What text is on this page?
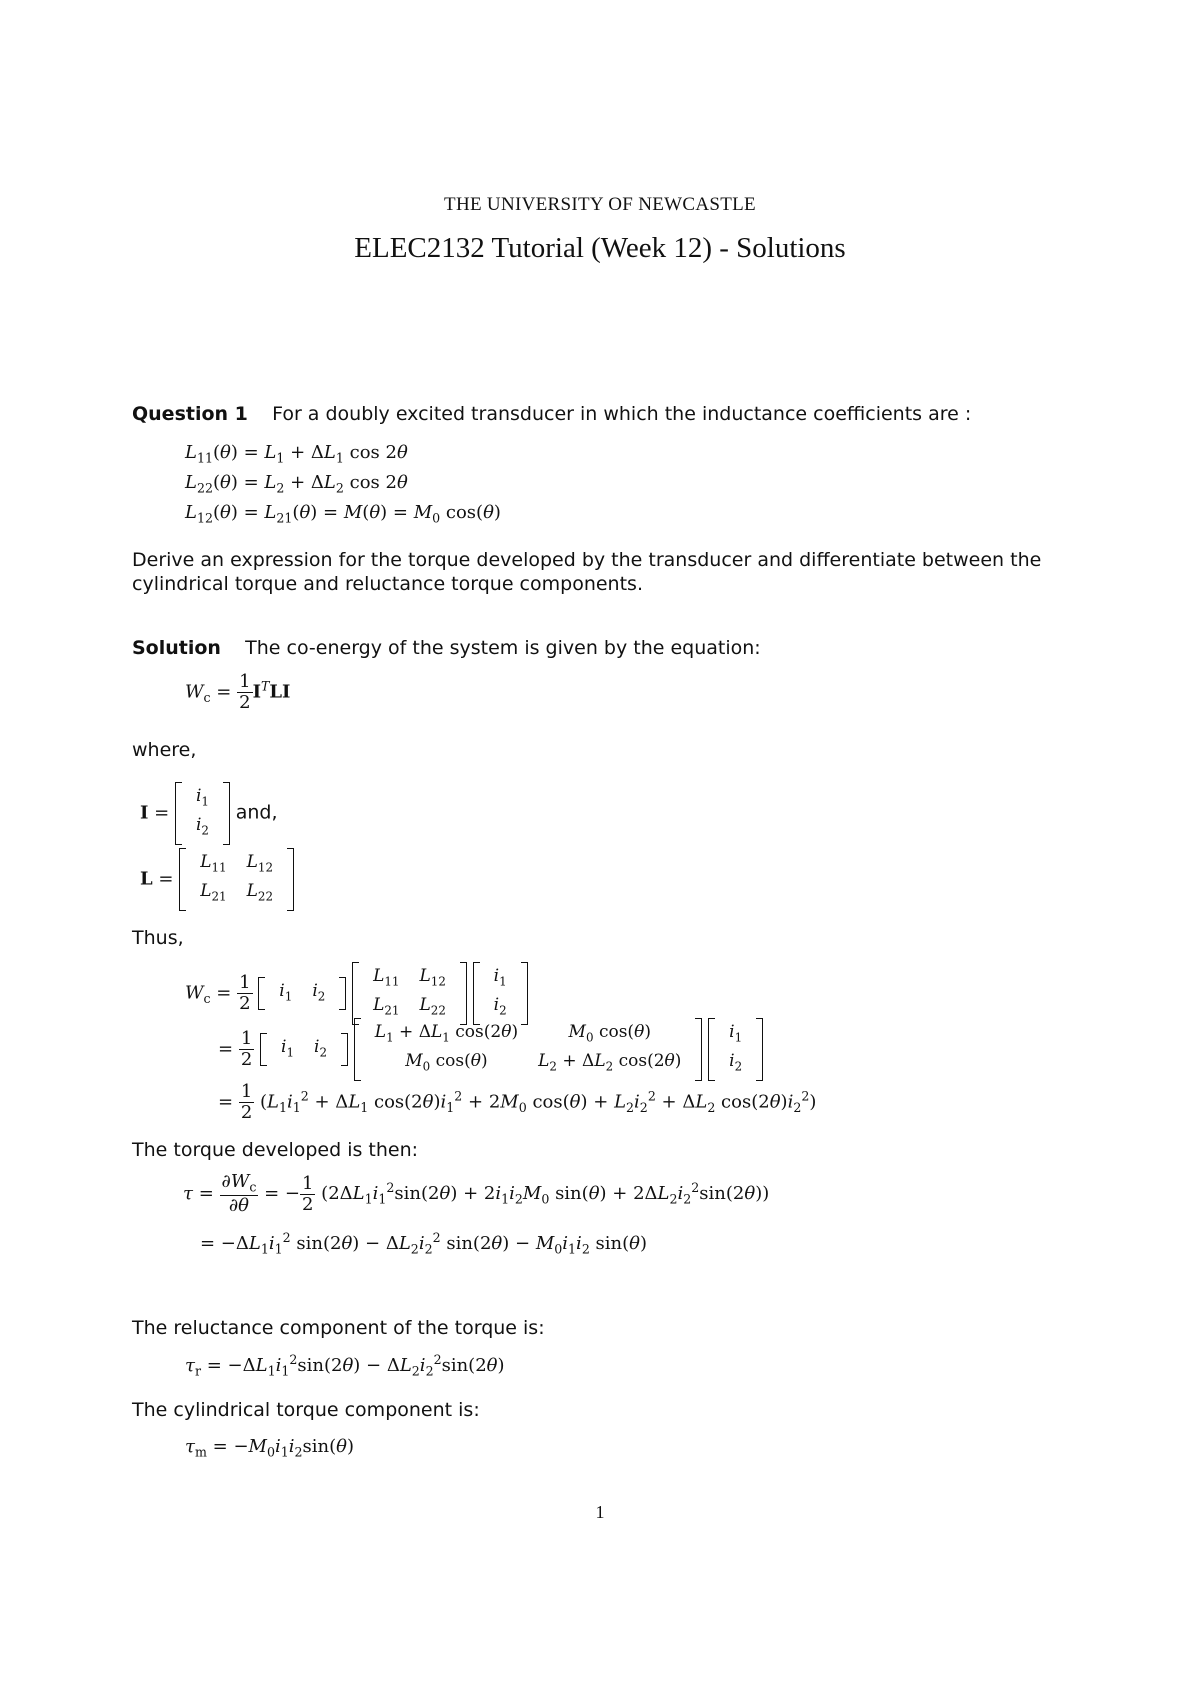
THE UNIVERSITY OF NEWCASTLE
ELEC2132 Tutorial (Week 12) - Solutions
Question 1 For a doubly excited transducer in which the inductance coefficients are :
$L_{11}(\theta) = L_1 + \Delta L_1$ cos 2θ
$L_{22}(\theta) = L_2 + \Delta L_2$ cos 2θ
$L_{12}(\theta) = L_{21}(\theta) = M(\theta) = M_0$ cos(θ)
Derive an expression for the torque developed by the transducer and differentiate between the cylindrical torque and reluctance torque components.
Solution The co-energy of the system is given by the equation:
$W_c = \frac{1}{2} I^TLI$
where,
I =
$i_1$
$i_2$
and,
L =
$L_{11}$	$L_{12}$
$L_{21}$	$L_{22}$
Thus,
$W_c = \frac{1}{2}$
$i_1$	$i_2$

$L_{11}$	$L_{12}$
$L_{21}$	$L_{22}$

$i_1$
$i_2$
= $\frac{1}{2}$
$i_1$	$i_2$

$L_1 + \Delta L_1$ cos(2θ)	$M_0$ cos(θ)
$M_0$ cos(θ)	$L_2 + \Delta L_2$ cos(2θ)

$i_1$
$i_2$
= $\frac{1}{2} (L_1i_1^2 + \Delta L_1$ $\cos(2\theta)i_1^2 + 2M_0$ $\cos(\theta) + L_2i_2^2 + \Delta L_2$ $\cos(2\theta)i_2^2$)
The torque developed is then:
$\tau = \frac{\partial W_c}{\partial\theta}$ = − $\frac{1}{2} (2\Delta L_1i_1^2\sin(2\theta) + 2i_1i_2M_0$ $\sin(\theta) + 2\Delta L_2i_2^2\sin(2\theta)$)
= $-\Delta L_1i_1^2$ $\sin(2\theta) - \Delta L_2i_2^2$ $\sin(2\theta) - M_0i_1i_2$ sin(θ)
The reluctance component of the torque is:
$\tau_r = -\Delta L_1i_1^2\sin(2\theta) - \Delta L_2i_2^2\sin(2\theta)$
The cylindrical torque component is:
$\tau_m = -M_0i_1i_2\sin(\theta)$
1
